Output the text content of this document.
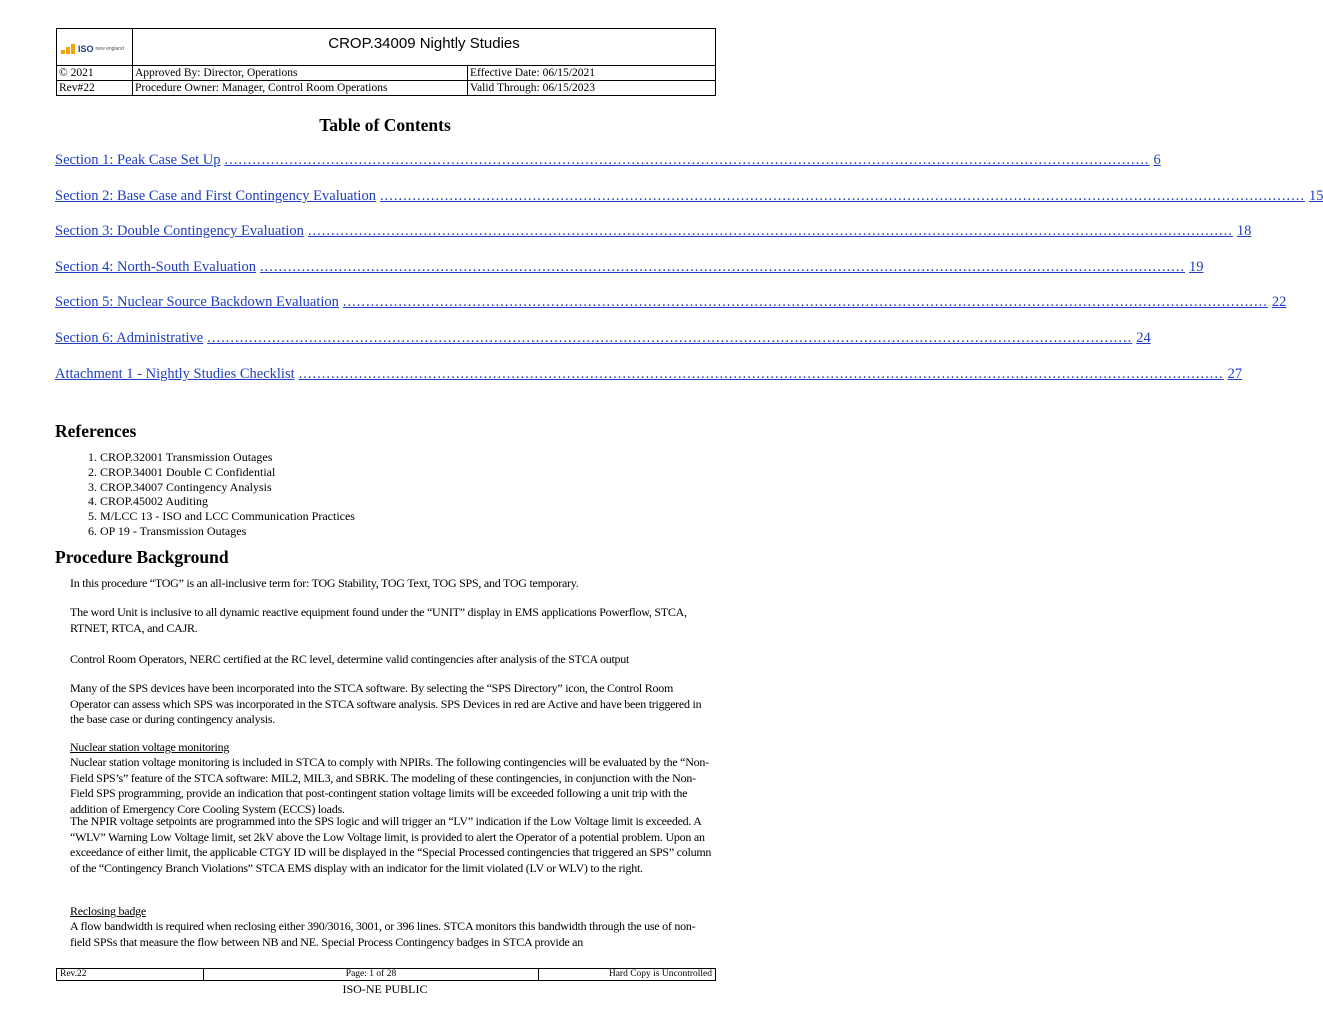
ISO new england	CROP.34009 Nightly Studies	
© 2021	Approved By: Director, Operations	Effective Date: 06/15/2021
Rev#22	Procedure Owner: Manager, Control Room Operations	Valid Through: 06/15/2023
Table of Contents
Section 1: Peak Case Set Up ........................................................................................................................................................................................................ 6
Section 2: Base Case and First Contingency Evaluation ........................................................................................................................................................................................................ 15
Section 3: Double Contingency Evaluation ........................................................................................................................................................................................................ 18
Section 4: North-South Evaluation ........................................................................................................................................................................................................ 19
Section 5: Nuclear Source Backdown Evaluation ........................................................................................................................................................................................................ 22
Section 6: Administrative ........................................................................................................................................................................................................ 24
Attachment 1 - Nightly Studies Checklist ........................................................................................................................................................................................................ 27
References
1. CROP.32001 Transmission Outages
2. CROP.34001 Double C Confidential
3. CROP.34007 Contingency Analysis
4. CROP.45002 Auditing
5. M/LCC 13 - ISO and LCC Communication Practices
6. OP 19 - Transmission Outages
Procedure Background

In this procedure “TOG” is an all-inclusive term for: TOG Stability, TOG Text, TOG SPS, and TOG temporary.

The word Unit is inclusive to all dynamic reactive equipment found under the “UNIT” display in EMS applications Powerflow, STCA, RTNET, RTCA, and CAJR.

Control Room Operators, NERC certified at the RC level, determine valid contingencies after analysis of the STCA output

Many of the SPS devices have been incorporated into the STCA software. By selecting the “SPS Directory” icon, the Control Room Operator can assess which SPS was incorporated in the STCA software analysis. SPS Devices in red are Active and have been triggered in the base case or during contingency analysis.

Nuclear station voltage monitoring

Nuclear station voltage monitoring is included in STCA to comply with NPIRs. The following contingencies will be evaluated by the “Non-Field SPS’s” feature of the STCA software: MIL2, MIL3, and SBRK. The modeling of these contingencies, in conjunction with the Non-Field SPS programming, provide an indication that post-contingent station voltage limits will be exceeded following a unit trip with the addition of Emergency Core Cooling System (ECCS) loads.

The NPIR voltage setpoints are programmed into the SPS logic and will trigger an “LV” indication if the Low Voltage limit is exceeded. A “WLV” Warning Low Voltage limit, set 2kV above the Low Voltage limit, is provided to alert the Operator of a potential problem. Upon an exceedance of either limit, the applicable CTGY ID will be displayed in the “Special Processed contingencies that triggered an SPS” column of the “Contingency Branch Violations” STCA EMS display with an indicator for the limit violated (LV or WLV) to the right.

Reclosing badge

A flow bandwidth is required when reclosing either 390/3016, 3001, or 396 lines. STCA monitors this bandwidth through the use of non-field SPSs that measure the flow between NB and NE. Special Process Contingency badges in STCA provide an

Rev.22	Page: 1 of 28	Hard Copy is Uncontrolled
ISO-NE PUBLIC
